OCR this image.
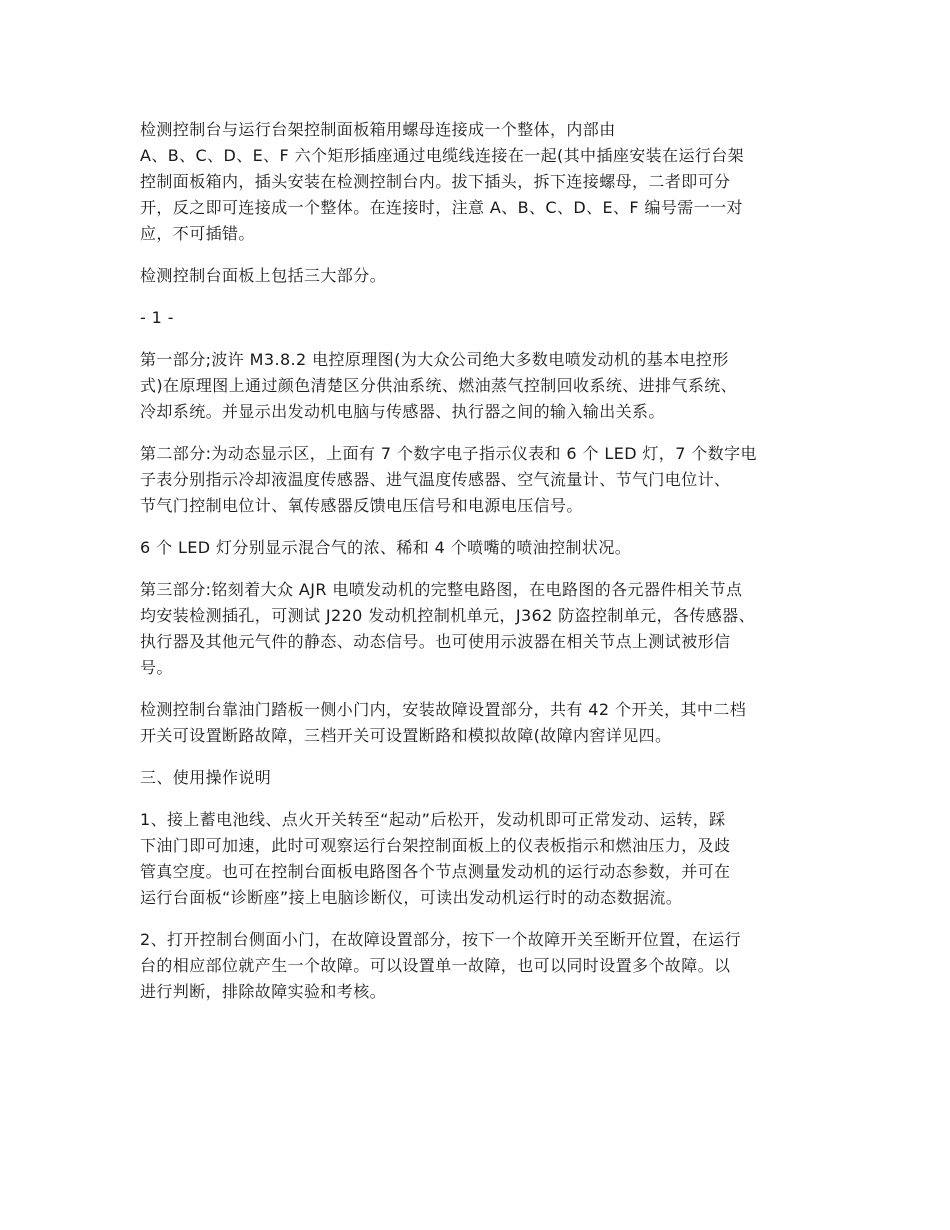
检测控制台与运行台架控制面板箱用螺母连接成一个整体，内部由
A、B、C、D、E、F 六个矩形插座通过电缆线连接在一起(其中插座安装在运行台架
控制面板箱内，插头安装在检测控制台内。拔下插头，拆下连接螺母，二者即可分
开，反之即可连接成一个整体。在连接时，注意 A、B、C、D、E、F 编号需一一对
应，不可插错。

检测控制台面板上包括三大部分。

- 1 -

第一部分;波许 M3.8.2 电控原理图(为大众公司绝大多数电喷发动机的基本电控形
式)在原理图上通过颜色清楚区分供油系统、燃油蒸气控制回收系统、进排气系统、
冷却系统。并显示出发动机电脑与传感器、执行器之间的输入输出关系。

第二部分:为动态显示区，上面有 7 个数字电子指示仪表和 6 个 LED 灯，7 个数字电
子表分别指示冷却液温度传感器、进气温度传感器、空气流量计、节气门电位计、
节气门控制电位计、氧传感器反馈电压信号和电源电压信号。

6 个 LED 灯分别显示混合气的浓、稀和 4 个喷嘴的喷油控制状况。

第三部分:铭刻着大众 AJR 电喷发动机的完整电路图，在电路图的各元器件相关节点
均安装检测插孔，可测试 J220 发动机控制机单元，J362 防盗控制单元，各传感器、
执行器及其他元气件的静态、动态信号。也可使用示波器在相关节点上测试被形信
号。

检测控制台靠油门踏板一侧小门内，安装故障设置部分，共有 42 个开关，其中二档
开关可设置断路故障，三档开关可设置断路和模拟故障(故障内窖详见四。

三、使用操作说明

1、接上蓄电池线、点火开关转至“起动”后松开，发动机即可正常发动、运转，踩
下油门即可加速，此时可观察运行台架控制面板上的仪表板指示和燃油压力，及歧
管真空度。也可在控制台面板电路图各个节点测量发动机的运行动态参数，并可在
运行台面板“诊断座”接上电脑诊断仪，可读出发动机运行时的动态数据流。

2、打开控制台侧面小门，在故障设置部分，按下一个故障开关至断开位置，在运行
台的相应部位就产生一个故障。可以设置单一故障，也可以同时设置多个故障。以
进行判断，排除故障实验和考核。
